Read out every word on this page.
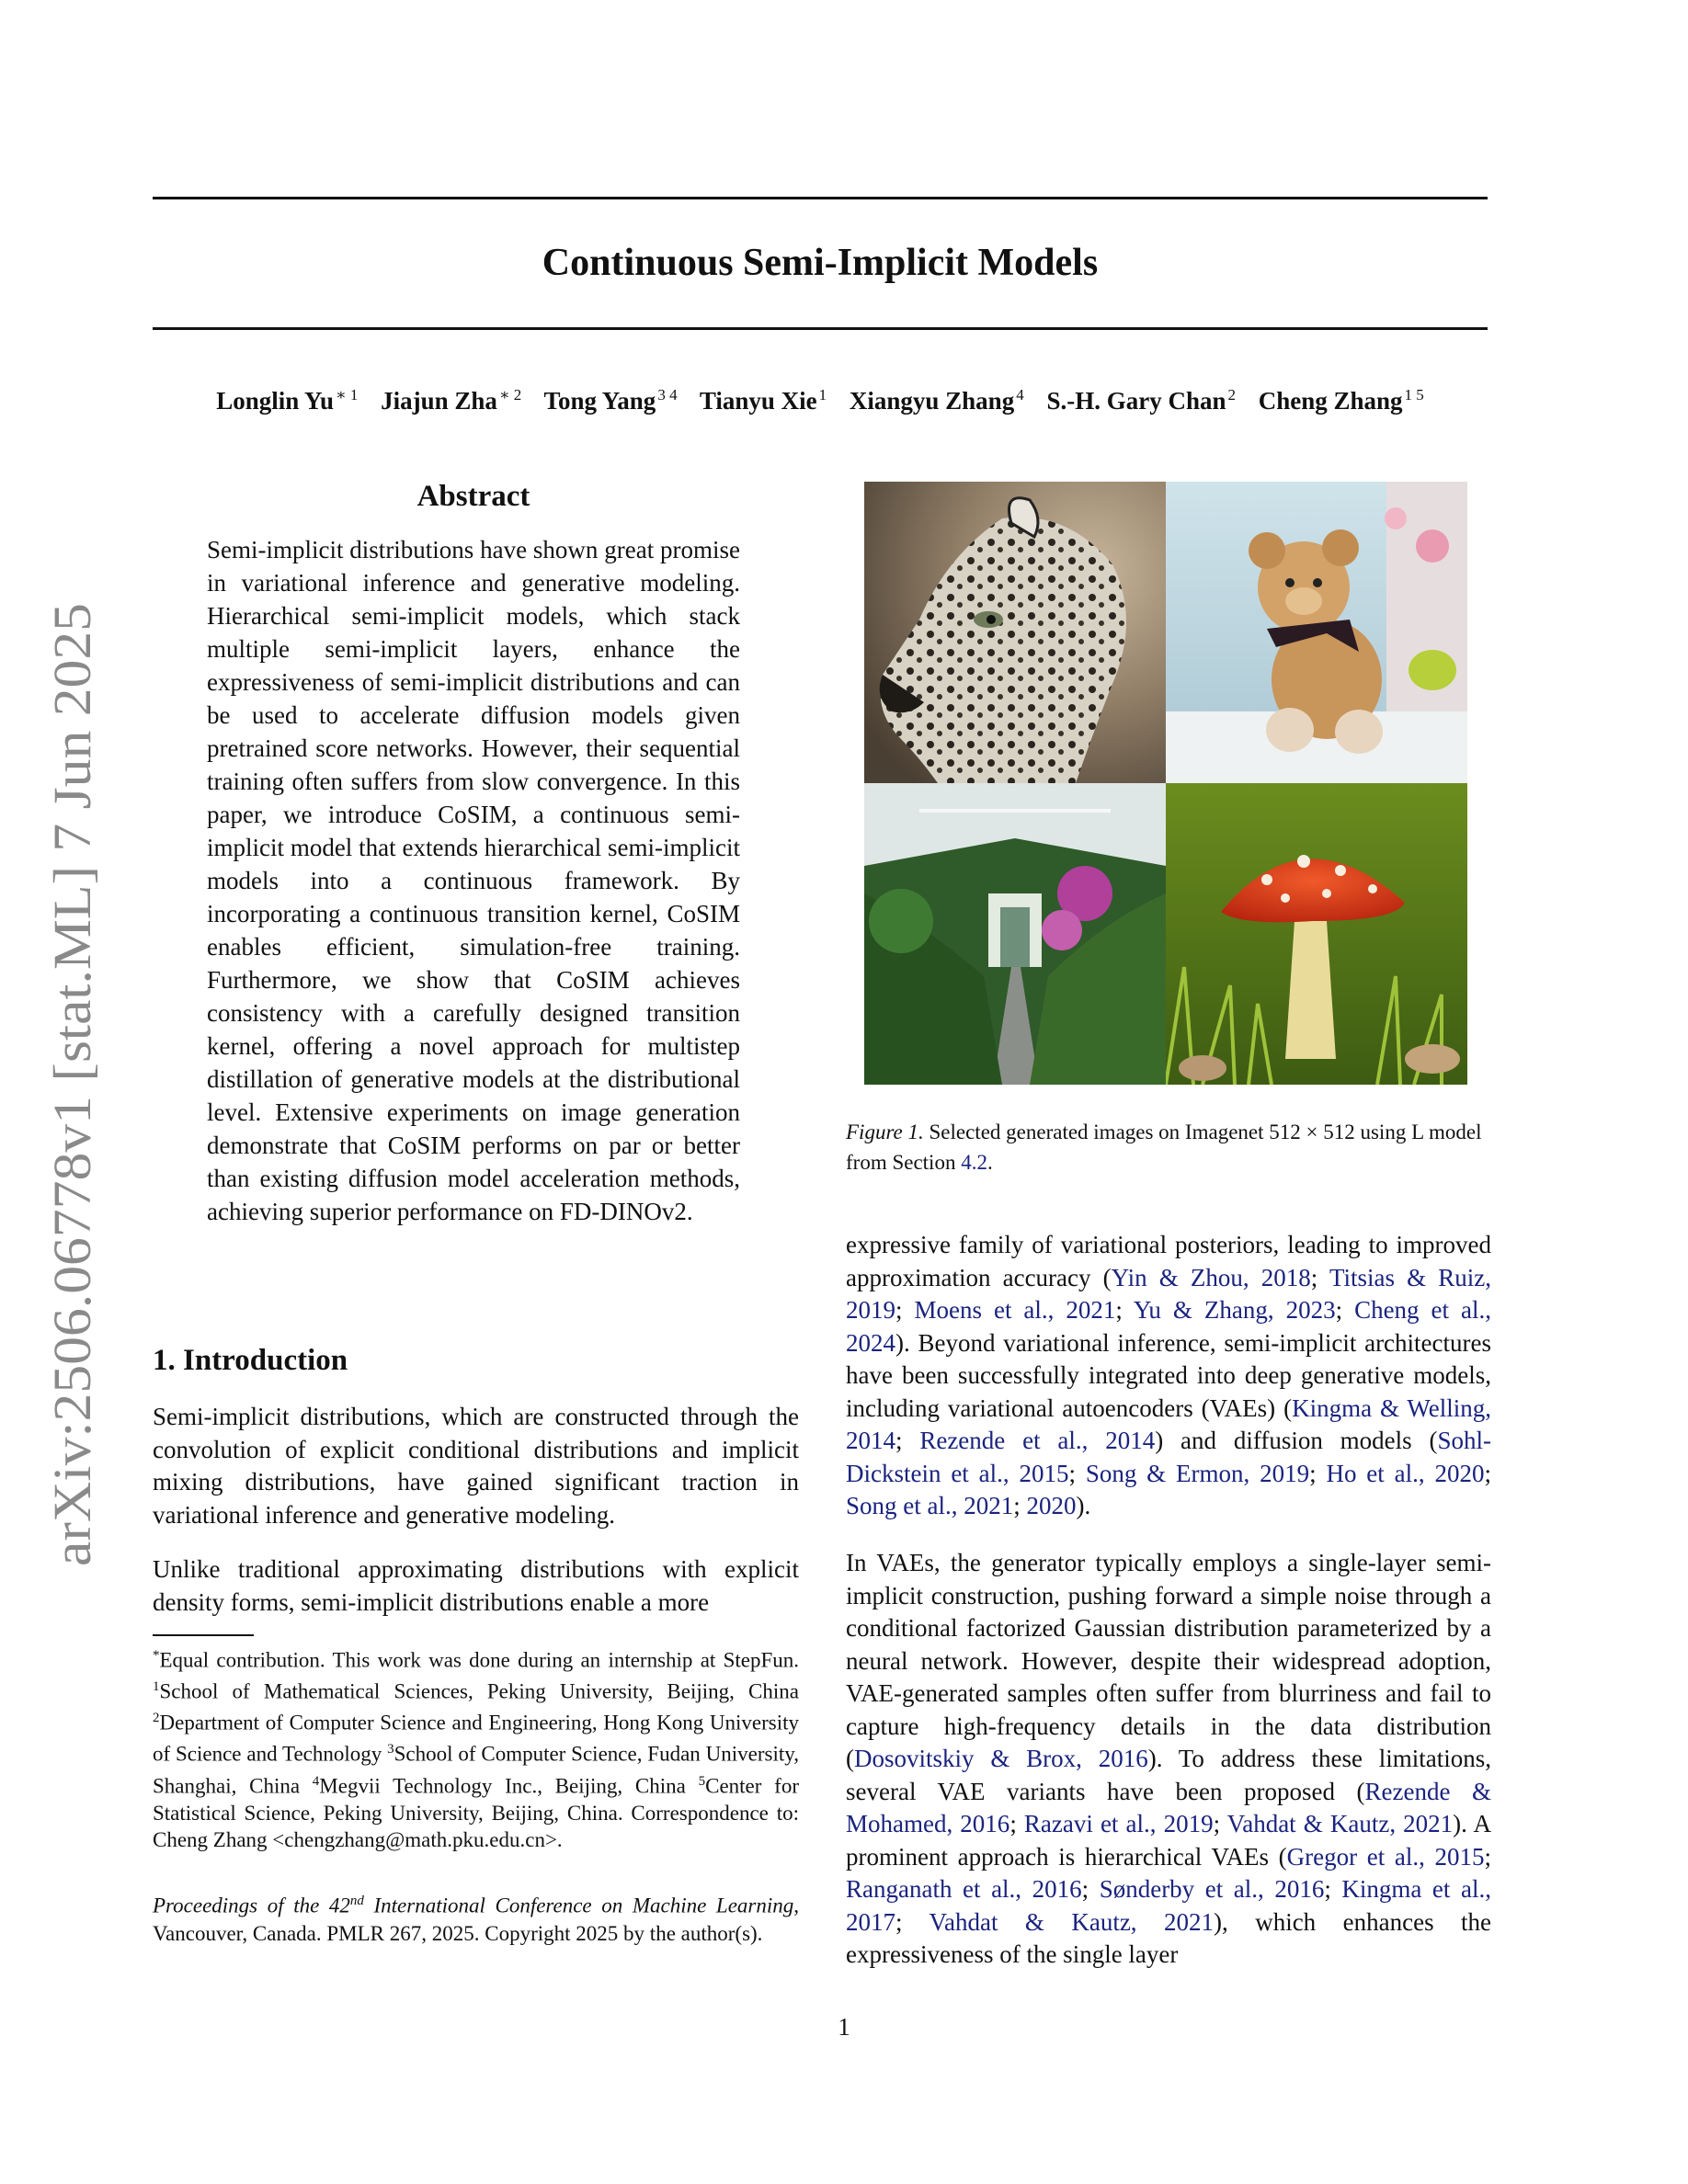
arXiv:2506.06778v1 [stat.ML] 7 Jun 2025
Continuous Semi-Implicit Models
Longlin Yu $^{∗ 1}$ Jiajun Zha $^{∗ 2}$ Tong Yang $^{3 4}$ Tianyu Xie $^1$ Xiangyu Zhang $^4$ S.-H. Gary Chan $^2$ Cheng Zhang $^{1 5}$
Abstract
Semi-implicit distributions have shown great promise in variational inference and generative modeling. Hierarchical semi-implicit models, which stack multiple semi-implicit layers, enhance the expressiveness of semi-implicit distributions and can be used to accelerate diffusion models given pretrained score networks. However, their sequential training often suffers from slow convergence. In this paper, we introduce CoSIM, a continuous semi-implicit model that extends hierarchical semi-implicit models into a continuous framework. By incorporating a continuous transition kernel, CoSIM enables efficient, simulation-free training. Furthermore, we show that CoSIM achieves consistency with a carefully designed transition kernel, offering a novel approach for multistep distillation of generative models at the distributional level. Extensive experiments on image generation demonstrate that CoSIM performs on par or better than existing diffusion model acceleration methods, achieving superior performance on FD-DINOv2.
1. Introduction
Semi-implicit distributions, which are constructed through the convolution of explicit conditional distributions and implicit mixing distributions, have gained significant traction in variational inference and generative modeling.
Unlike traditional approximating distributions with explicit density forms, semi-implicit distributions enable a more
*Equal contribution. This work was done during an internship at StepFun. $^1$School of Mathematical Sciences, Peking University, Beijing, China $^2$Department of Computer Science and Engineering, Hong Kong University of Science and Technology $^3$School of Computer Science, Fudan University, Shanghai, China $^4$Megvii Technology Inc., Beijing, China $^5$Center for Statistical Science, Peking University, Beijing, China. Correspondence to: Cheng Zhang <chengzhang@math.pku.edu.cn>.
Proceedings of the 42nd International Conference on Machine Learning, Vancouver, Canada. PMLR 267, 2025. Copyright 2025 by the author(s).
Figure 1. Selected generated images on Imagenet 512 × 512 using L model from Section 4.2.
expressive family of variational posteriors, leading to improved approximation accuracy (Yin & Zhou, 2018; Titsias & Ruiz, 2019; Moens et al., 2021; Yu & Zhang, 2023; Cheng et al., 2024). Beyond variational inference, semi-implicit architectures have been successfully integrated into deep generative models, including variational autoencoders (VAEs) (Kingma & Welling, 2014; Rezende et al., 2014) and diffusion models (Sohl-Dickstein et al., 2015; Song & Ermon, 2019; Ho et al., 2020; Song et al., 2021; 2020).
In VAEs, the generator typically employs a single-layer semi-implicit construction, pushing forward a simple noise through a conditional factorized Gaussian distribution parameterized by a neural network. However, despite their widespread adoption, VAE-generated samples often suffer from blurriness and fail to capture high-frequency details in the data distribution (Dosovitskiy & Brox, 2016). To address these limitations, several VAE variants have been proposed (Rezende & Mohamed, 2016; Razavi et al., 2019; Vahdat & Kautz, 2021). A prominent approach is hierarchical VAEs (Gregor et al., 2015; Ranganath et al., 2016; Sønderby et al., 2016; Kingma et al., 2017; Vahdat & Kautz, 2021), which enhances the expressiveness of the single layer
1
